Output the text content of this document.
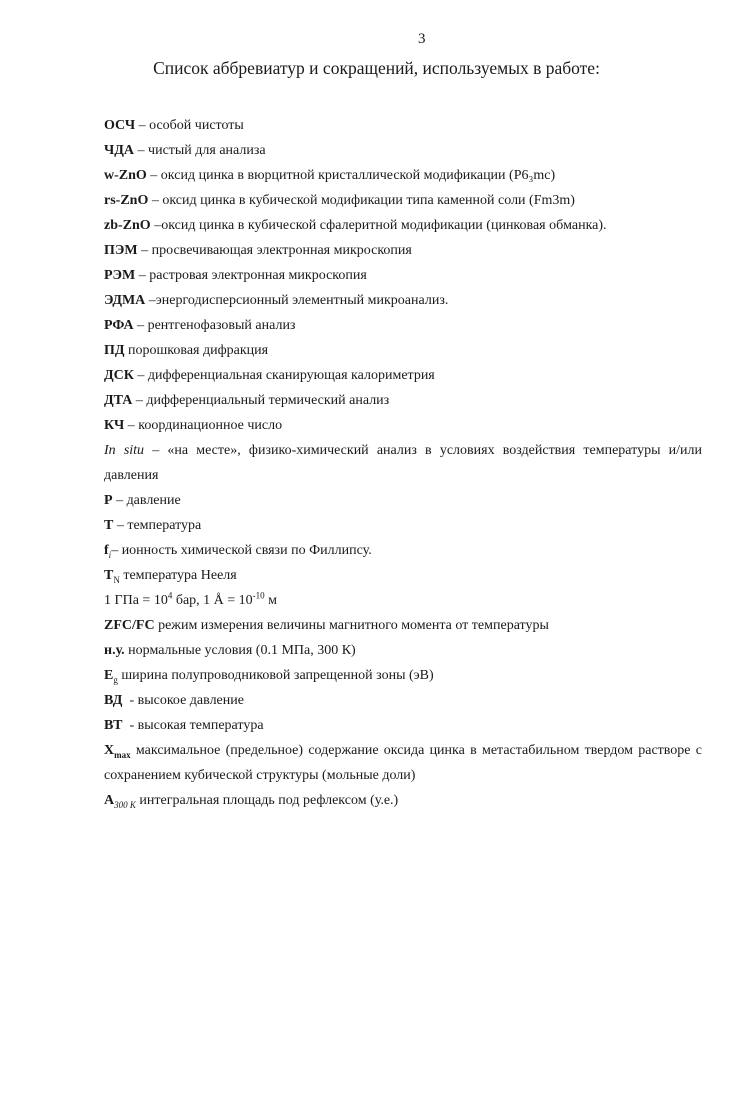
3
Список аббревиатур и сокращений, используемых в работе:

ОСЧ – особой чистоты

ЧДА – чистый для анализа

w-ZnO – оксид цинка в вюрцитной кристаллической модификации (P6₃mc)

rs-ZnO – оксид цинка в кубической модификации типа каменной соли (Fm3m)

zb-ZnO –оксид цинка в кубической сфалеритной модификации (цинковая обманка).

ПЭМ – просвечивающая электронная микроскопия

РЭМ – растровая электронная микроскопия

ЭДМА –энергодисперсионный элементный микроанализ.

РФА – рентгенофазовый анализ

ПД порошковая дифракция

ДСК – дифференциальная сканирующая калориметрия

ДТА – дифференциальный термический анализ

КЧ – координационное число

In situ – «на месте», физико-химический анализ в условиях воздействия температуры и/или давления

P – давление

T – температура

$f_i-$ ионность химической связи по Филлипсу.

$T_N$ температура Нееля

1 ГПа = $10^4$ бар, 1 Å = $10^{-10}$ м

ZFC/FC режим измерения величины магнитного момента от температуры

н.у. нормальные условия (0.1 МПа, 300 К)

$E_g$ ширина полупроводниковой запрещенной зоны (эВ)

ВД  - высокое давление

ВТ  - высокая температура

$X_{max}$ максимальное (предельное) содержание оксида цинка в метастабильном твердом растворе с сохранением кубической структуры (мольные доли)

$A_{300 K}$ интегральная площадь под рефлексом (у.е.)
